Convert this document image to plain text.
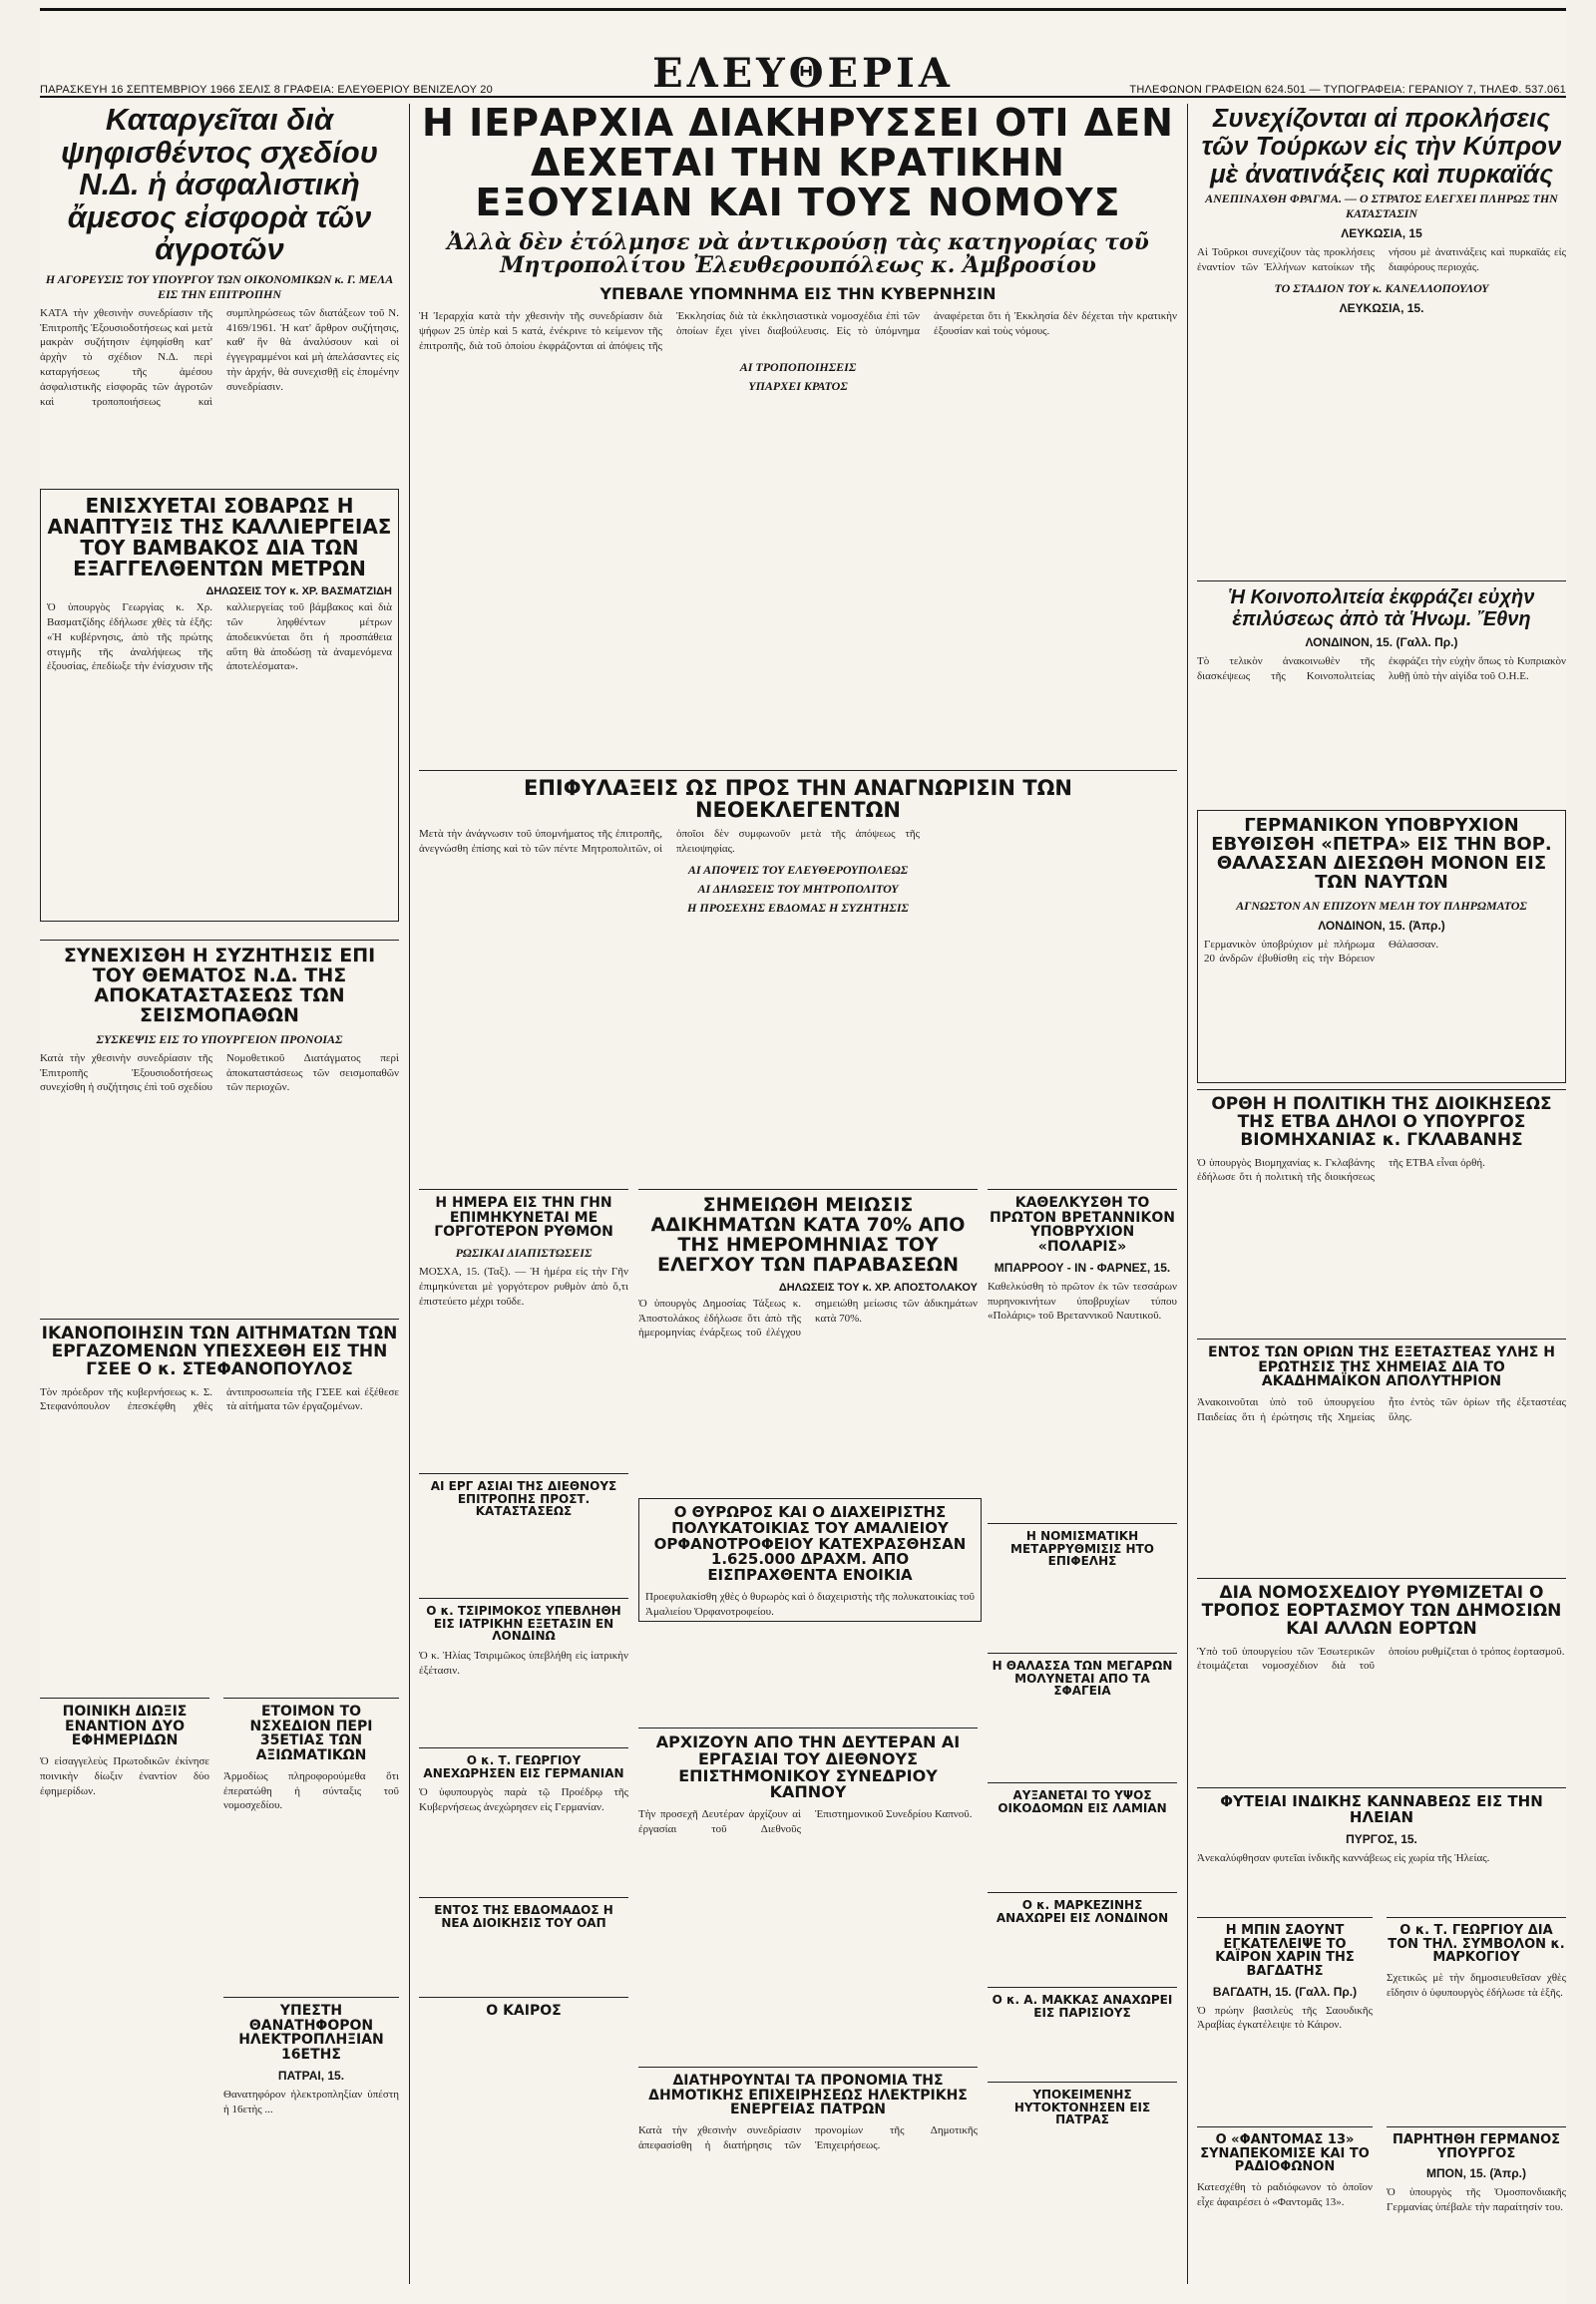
ΠΑΡΑΣΚΕΥΗ 16 ΣΕΠΤΕΜΒΡΙΟΥ 1966 ΣΕΛΙΣ 8 ΓΡΑΦΕΙΑ: ΕΛΕΥΘΕΡΙΟΥ ΒΕΝΙΖΕΛΟΥ 20	ΕΛΕΥΘΕΡΙΑ	ΤΗΛΕΦΩΝΟΝ ΓΡΑΦΕΙΩΝ 624.501 — ΤΥΠΟΓΡΑΦΕΙΑ: ΓΕΡΑΝΙΟΥ 7, ΤΗΛΕΦ. 537.061
Καταργεῖται διὰ ψηφισθέντος σχεδίου Ν.Δ. ἡ ἀσφαλιστικὴ ἄμεσος εἰσφορὰ τῶν ἀγροτῶν
Η ΑΓΟΡΕΥΣΙΣ ΤΟΥ ΥΠΟΥΡΓΟΥ ΤΩΝ ΟΙΚΟΝΟΜΙΚΩΝ κ. Γ. ΜΕΛΑ ΕΙΣ ΤΗΝ ΕΠΙΤΡΟΠΗΝ

ΚΑΤΑ τὴν χθεσινὴν συνεδρίασιν τῆς Ἐπιτροπῆς Ἐξουσιοδοτήσεως καὶ μετὰ μακρὰν συζήτησιν ἐψηφίσθη κατ' ἀρχὴν τὸ σχέδιον Ν.Δ. περὶ καταργήσεως τῆς ἀμέσου ἀσφαλιστικῆς εἰσφορᾶς τῶν ἀγροτῶν καὶ τροποποιήσεως καὶ συμπληρώσεως τῶν διατάξεων τοῦ Ν. 4169/1961. Ἡ κατ' ἄρθρον συζήτησις, καθ' ἣν θὰ ἀναλύσουν καὶ οἱ ἐγγεγραμμένοι καὶ μὴ ἀπελάσαντες εἰς τὴν ἀρχήν, θὰ συνεχισθῇ εἰς ἑπομένην συνεδρίασιν.

ΕΝΙΣΧΥΕΤΑΙ ΣΟΒΑΡΩΣ Η ΑΝΑΠΤΥΞΙΣ ΤΗΣ ΚΑΛΛΙΕΡΓΕΙΑΣ ΤΟΥ ΒΑΜΒΑΚΟΣ ΔΙΑ ΤΩΝ ΕΞΑΓΓΕΛΘΕΝΤΩΝ ΜΕΤΡΩΝ
ΔΗΛΩΣΕΙΣ ΤΟΥ κ. ΧΡ. ΒΑΣΜΑΤΖΙΔΗ

Ὁ ὑπουργὸς Γεωργίας κ. Χρ. Βασματζίδης ἐδήλωσε χθὲς τὰ ἑξῆς: «Ἡ κυβέρνησις, ἀπὸ τῆς πρώτης στιγμῆς τῆς ἀναλήψεως τῆς ἐξουσίας, ἐπεδίωξε τὴν ἐνίσχυσιν τῆς καλλιεργείας τοῦ βάμβακος καὶ διὰ τῶν ληφθέντων μέτρων ἀποδεικνύεται ὅτι ἡ προσπάθεια αὕτη θὰ ἀποδώσῃ τὰ ἀναμενόμενα ἀποτελέσματα».

ΣΥΝΕΧΙΣΘΗ Η ΣΥΖΗΤΗΣΙΣ ΕΠΙ ΤΟΥ ΘΕΜΑΤΟΣ Ν.Δ. ΤΗΣ ΑΠΟΚΑΤΑΣΤΑΣΕΩΣ ΤΩΝ ΣΕΙΣΜΟΠΑΘΩΝ
ΣΥΣΚΕΨΙΣ ΕΙΣ ΤΟ ΥΠΟΥΡΓΕΙΟΝ ΠΡΟΝΟΙΑΣ

Κατὰ τὴν χθεσινὴν συνεδρίασιν τῆς Ἐπιτροπῆς Ἐξουσιοδοτήσεως συνεχίσθη ἡ συζήτησις ἐπὶ τοῦ σχεδίου Νομοθετικοῦ Διατάγματος περὶ ἀποκαταστάσεως τῶν σεισμοπαθῶν τῶν περιοχῶν.

ΙΚΑΝΟΠΟΙΗΣΙΝ ΤΩΝ ΑΙΤΗΜΑΤΩΝ ΤΩΝ ΕΡΓΑΖΟΜΕΝΩΝ ΥΠΕΣΧΕΘΗ ΕΙΣ ΤΗΝ ΓΣΕΕ Ο κ. ΣΤΕΦΑΝΟΠΟΥΛΟΣ

Τὸν πρόεδρον τῆς κυβερνήσεως κ. Σ. Στεφανόπουλον ἐπεσκέφθη χθὲς ἀντιπροσωπεία τῆς ΓΣΕΕ καὶ ἐξέθεσε τὰ αἰτήματα τῶν ἐργαζομένων.

ΠΟΙΝΙΚΗ ΔΙΩΞΙΣ ΕΝΑΝΤΙΟΝ ΔΥΟ ΕΦΗΜΕΡΙΔΩΝ

Ὁ εἰσαγγελεὺς Πρωτοδικῶν ἐκίνησε ποινικὴν δίωξιν ἐναντίον δύο ἐφημερίδων.

ΕΤΟΙΜΟΝ ΤΟ ΝΣΧΕΔΙΟΝ ΠΕΡΙ 35ΕΤΙΑΣ ΤΩΝ ΑΞΙΩΜΑΤΙΚΩΝ

Ἁρμοδίως πληροφορούμεθα ὅτι ἐπερατώθη ἡ σύνταξις τοῦ νομοσχεδίου.

ΥΠΕΣΤΗ ΘΑΝΑΤΗΦΟΡΟΝ ΗΛΕΚΤΡΟΠΛΗΞΙΑΝ 16ΕΤΗΣ
ΠΑΤΡΑΙ, 15.

Θανατηφόρον ἠλεκτροπληξίαν ὑπέστη ἡ 16ετὴς ...

Η ΙΕΡΑΡΧΙΑ ΔΙΑΚΗΡΥΣΣΕΙ ΟΤΙ ΔΕΝ ΔΕΧΕΤΑΙ ΤΗΝ ΚΡΑΤΙΚΗΝ ΕΞΟΥΣΙΑΝ ΚΑΙ ΤΟΥΣ ΝΟΜΟΥΣ
Ἀλλὰ δὲν ἐτόλμησε νὰ ἀντικρούσῃ τὰς κατηγορίας τοῦ Μητροπολίτου Ἐλευθερουπόλεως κ. Ἀμβροσίου
ΥΠΕΒΑΛΕ ΥΠΟΜΝΗΜΑ ΕΙΣ ΤΗΝ ΚΥΒΕΡΝΗΣΙΝ

Ἡ Ἱεραρχία κατὰ τὴν χθεσινὴν τῆς συνεδρίασιν διὰ ψήφων 25 ὑπὲρ καὶ 5 κατά, ἐνέκρινε τὸ κείμενον τῆς ἐπιτροπῆς, διὰ τοῦ ὁποίου ἐκφράζονται αἱ ἀπόψεις τῆς Ἐκκλησίας διὰ τὰ ἐκκλησιαστικὰ νομοσχέδια ἐπὶ τῶν ὁποίων ἔχει γίνει διαβούλευσις. Εἰς τὸ ὑπόμνημα ἀναφέρεται ὅτι ἡ Ἐκκλησία δὲν δέχεται τὴν κρατικὴν ἐξουσίαν καὶ τοὺς νόμους.

ΑΙ ΤΡΟΠΟΠΟΙΗΣΕΙΣ
ΥΠΑΡΧΕΙ ΚΡΑΤΟΣ
ΕΠΙΦΥΛΑΞΕΙΣ ΩΣ ΠΡΟΣ ΤΗΝ ΑΝΑΓΝΩΡΙΣΙΝ ΤΩΝ ΝΕΟΕΚΛΕΓΕΝΤΩΝ

Μετὰ τὴν ἀνάγνωσιν τοῦ ὑπομνήματος τῆς ἐπιτροπῆς, ἀνεγνώσθη ἐπίσης καὶ τὸ τῶν πέντε Μητροπολιτῶν, οἱ ὁποῖοι δὲν συμφωνοῦν μετὰ τῆς ἀπόψεως τῆς πλειοψηφίας.

ΑΙ ΑΠΟΨΕΙΣ ΤΟΥ ΕΛΕΥΘΕΡΟΥΠΟΛΕΩΣ
ΑΙ ΔΗΛΩΣΕΙΣ ΤΟΥ ΜΗΤΡΟΠΟΛΙΤΟΥ
Η ΠΡΟΣΕΧΗΣ ΕΒΔΟΜΑΣ Η ΣΥΖΗΤΗΣΙΣ
Η ΗΜΕΡΑ ΕΙΣ ΤΗΝ ΓΗΝ ΕΠΙΜΗΚΥΝΕΤΑΙ ΜΕ ΓΟΡΓΟΤΕΡΟΝ ΡΥΘΜΟΝ
ΡΩΣΙΚΑΙ ΔΙΑΠΙΣΤΩΣΕΙΣ

ΜΟΣΧΑ, 15. (Ταξ). — Ἡ ἡμέρα εἰς τὴν Γῆν ἐπιμηκύνεται μὲ γοργότερον ρυθμὸν ἀπὸ ὅ,τι ἐπιστεύετο μέχρι τοῦδε.

ΣΗΜΕΙΩΘΗ ΜΕΙΩΣΙΣ ΑΔΙΚΗΜΑΤΩΝ ΚΑΤΑ 70% ΑΠΟ ΤΗΣ ΗΜΕΡΟΜΗΝΙΑΣ ΤΟΥ ΕΛΕΓΧΟΥ ΤΩΝ ΠΑΡΑΒΑΣΕΩΝ
ΔΗΛΩΣΕΙΣ ΤΟΥ κ. ΧΡ. ΑΠΟΣΤΟΛΑΚΟΥ

Ὁ ὑπουργὸς Δημοσίας Τάξεως κ. Ἀποστολάκος ἐδήλωσε ὅτι ἀπὸ τῆς ἡμερομηνίας ἐνάρξεως τοῦ ἐλέγχου σημειώθη μείωσις τῶν ἀδικημάτων κατὰ 70%.

ΚΑΘΕΛΚΥΣΘΗ ΤΟ ΠΡΩΤΟΝ ΒΡΕΤΑΝΝΙΚΟΝ ΥΠΟΒΡΥΧΙΟΝ «ΠΟΛΑΡΙΣ»
ΜΠΑΡΡΟΟΥ - ΙΝ - ΦΑΡΝΕΣ, 15.

Καθελκύσθη τὸ πρῶτον ἐκ τῶν τεσσάρων πυρηνοκινήτων ὑποβρυχίων τύπου «Πολάρις» τοῦ Βρεταννικοῦ Ναυτικοῦ.

ΑΙ ΕΡΓ ΑΣΙΑΙ ΤΗΣ ΔΙΕΘΝΟΥΣ ΕΠΙΤΡΟΠΗΣ ΠΡΟΣΤ. ΚΑΤΑΣΤΑΣΕΩΣ
Ο κ. ΤΣΙΡΙΜΟΚΟΣ ΥΠΕΒΛΗΘΗ ΕΙΣ ΙΑΤΡΙΚΗΝ ΕΞΕΤΑΣΙΝ ΕΝ ΛΟΝΔΙΝΩ

Ὁ κ. Ἠλίας Τσιριμῶκος ὑπεβλήθη εἰς ἰατρικὴν ἐξέτασιν.

Ο κ. Τ. ΓΕΩΡΓΙΟΥ ΑΝΕΧΩΡΗΣΕΝ ΕΙΣ ΓΕΡΜΑΝΙΑΝ

Ὁ ὑφυπουργὸς παρὰ τῷ Προέδρῳ τῆς Κυβερνήσεως ἀνεχώρησεν εἰς Γερμανίαν.

ΕΝΤΟΣ ΤΗΣ ΕΒΔΟΜΑΔΟΣ Η ΝΕΑ ΔΙΟΙΚΗΣΙΣ ΤΟΥ ΟΑΠ
Ο ΚΑΙΡΟΣ
Η ΝΟΜΙΣΜΑΤΙΚΗ ΜΕΤΑΡΡΥΘΜΙΣΙΣ ΗΤΟ ΕΠΙΦΕΛΗΣ
Η ΘΑΛΑΣΣΑ ΤΩΝ ΜΕΓΑΡΩΝ ΜΟΛΥΝΕΤΑΙ ΑΠΟ ΤΑ ΣΦΑΓΕΙΑ
ΑΥΞΑΝΕΤΑΙ ΤΟ ΥΨΟΣ ΟΙΚΟΔΟΜΩΝ ΕΙΣ ΛΑΜΙΑΝ
Ο κ. ΜΑΡΚΕΖΙΝΗΣ ΑΝΑΧΩΡΕΙ ΕΙΣ ΛΟΝΔΙΝΟΝ
Ο κ. Α. ΜΑΚΚΑΣ ΑΝΑΧΩΡΕΙ ΕΙΣ ΠΑΡΙΣΙΟΥΣ
ΥΠΟΚΕΙΜΕΝΗΣ ΗΥΤΟΚΤΟΝΗΣΕΝ ΕΙΣ ΠΑΤΡΑΣ
Ο ΘΥΡΩΡΟΣ ΚΑΙ Ο ΔΙΑΧΕΙΡΙΣΤΗΣ ΠΟΛΥΚΑΤΟΙΚΙΑΣ ΤΟΥ ΑΜΑΛΙΕΙΟΥ ΟΡΦΑΝΟΤΡΟΦΕΙΟΥ ΚΑΤΕΧΡΑΣΘΗΣΑΝ 1.625.000 ΔΡΑΧΜ. ΑΠΟ ΕΙΣΠΡΑΧΘΕΝΤΑ ΕΝΟΙΚΙΑ

Προεφυλακίσθη χθὲς ὁ θυρωρὸς καὶ ὁ διαχειριστὴς τῆς πολυκατοικίας τοῦ Ἀμαλιείου Ὀρφανοτροφείου.

ΑΡΧΙΖΟΥΝ ΑΠΟ ΤΗΝ ΔΕΥΤΕΡΑΝ ΑΙ ΕΡΓΑΣΙΑΙ ΤΟΥ ΔΙΕΘΝΟΥΣ ΕΠΙΣΤΗΜΟΝΙΚΟΥ ΣΥΝΕΔΡΙΟΥ ΚΑΠΝΟΥ

Τὴν προσεχῆ Δευτέραν ἀρχίζουν αἱ ἐργασίαι τοῦ Διεθνοῦς Ἐπιστημονικοῦ Συνεδρίου Καπνοῦ.

ΔΙΑΤΗΡΟΥΝΤΑΙ ΤΑ ΠΡΟΝΟΜΙΑ ΤΗΣ ΔΗΜΟΤΙΚΗΣ ΕΠΙΧΕΙΡΗΣΕΩΣ ΗΛΕΚΤΡΙΚΗΣ ΕΝΕΡΓΕΙΑΣ ΠΑΤΡΩΝ

Κατὰ τὴν χθεσινὴν συνεδρίασιν ἀπεφασίσθη ἡ διατήρησις τῶν προνομίων τῆς Δημοτικῆς Ἐπιχειρήσεως.

Συνεχίζονται αἱ προκλήσεις τῶν Τούρκων εἰς τὴν Κύπρον μὲ ἀνατινάξεις καὶ πυρκαϊάς
ΑΝΕΠΙΝΑΧΘΗ ΦΡΑΓΜΑ. — Ο ΣΤΡΑΤΟΣ ΕΛΕΓΧΕΙ ΠΛΗΡΩΣ ΤΗΝ ΚΑΤΑΣΤΑΣΙΝ
ΛΕΥΚΩΣΙΑ, 15

Αἱ Τοῦρκοι συνεχίζουν τὰς προκλήσεις ἐναντίον τῶν Ἑλλήνων κατοίκων τῆς νήσου μὲ ἀνατινάξεις καὶ πυρκαϊάς εἰς διαφόρους περιοχάς.

ΤΟ ΣΤΑΔΙΟΝ ΤΟΥ κ. ΚΑΝΕΛΛΟΠΟΥΛΟΥ
ΛΕΥΚΩΣΙΑ, 15.
Ἡ Κοινοπολιτεία ἐκφράζει εὐχὴν ἐπιλύσεως ἀπὸ τὰ Ἡνωμ. Ἔθνη
ΛΟΝΔΙΝΟΝ, 15. (Γαλλ. Πρ.)

Τὸ τελικὸν ἀνακοινωθὲν τῆς διασκέψεως τῆς Κοινοπολιτείας ἐκφράζει τὴν εὐχὴν ὅπως τὸ Κυπριακὸν λυθῇ ὑπὸ τὴν αἰγίδα τοῦ Ο.Η.Ε.

ΓΕΡΜΑΝΙΚΟΝ ΥΠΟΒΡΥΧΙΟΝ ΕΒΥΘΙΣΘΗ «ΠΕΤΡΑ» ΕΙΣ ΤΗΝ ΒΟΡ. ΘΑΛΑΣΣΑΝ ΔΙΕΣΩΘΗ ΜΟΝΟΝ ΕΙΣ ΤΩΝ ΝΑΥΤΩΝ
ΑΓΝΩΣΤΟΝ ΑΝ ΕΠΙΖΟΥΝ ΜΕΛΗ ΤΟΥ ΠΛΗΡΩΜΑΤΟΣ
ΛΟΝΔΙΝΟΝ, 15. (Ἀπρ.)

Γερμανικὸν ὑποβρύχιον μὲ πλήρωμα 20 ἀνδρῶν ἐβυθίσθη εἰς τὴν Βόρειον Θάλασσαν.

ΟΡΘΗ Η ΠΟΛΙΤΙΚΗ ΤΗΣ ΔΙΟΙΚΗΣΕΩΣ ΤΗΣ ΕΤΒΑ ΔΗΛΟΙ Ο ΥΠΟΥΡΓΟΣ ΒΙΟΜΗΧΑΝΙΑΣ κ. ΓΚΛΑΒΑΝΗΣ

Ὁ ὑπουργὸς Βιομηχανίας κ. Γκλαβάνης ἐδήλωσε ὅτι ἡ πολιτικὴ τῆς διοικήσεως τῆς ΕΤΒΑ εἶναι ὀρθή.

ΕΝΤΟΣ ΤΩΝ ΟΡΙΩΝ ΤΗΣ ΕΞΕΤΑΣΤΕΑΣ ΥΛΗΣ Η ΕΡΩΤΗΣΙΣ ΤΗΣ ΧΗΜΕΙΑΣ ΔΙΑ ΤΟ ΑΚΑΔΗΜΑΪΚΟΝ ΑΠΟΛΥΤΗΡΙΟΝ

Ἀνακοινοῦται ὑπὸ τοῦ ὑπουργείου Παιδείας ὅτι ἡ ἐρώτησις τῆς Χημείας ἦτο ἐντὸς τῶν ὁρίων τῆς ἐξεταστέας ὕλης.

ΔΙΑ ΝΟΜΟΣΧΕΔΙΟΥ ΡΥΘΜΙΖΕΤΑΙ Ο ΤΡΟΠΟΣ ΕΟΡΤΑΣΜΟΥ ΤΩΝ ΔΗΜΟΣΙΩΝ ΚΑΙ ΑΛΛΩΝ ΕΟΡΤΩΝ

Ὑπὸ τοῦ ὑπουργείου τῶν Ἐσωτερικῶν ἐτοιμάζεται νομοσχέδιον διὰ τοῦ ὁποίου ρυθμίζεται ὁ τρόπος ἑορτασμοῦ.

ΦΥΤΕΙΑΙ ΙΝΔΙΚΗΣ ΚΑΝΝΑΒΕΩΣ ΕΙΣ ΤΗΝ ΗΛΕΙΑΝ
ΠΥΡΓΟΣ, 15.

Ἀνεκαλύφθησαν φυτεῖαι ἰνδικῆς καννάβεως εἰς χωρία τῆς Ἠλείας.

Η ΜΠΙΝ ΣΑΟΥΝΤ ΕΓΚΑΤΕΛΕΙΨΕ ΤΟ ΚΑΪΡΟΝ ΧΑΡΙΝ ΤΗΣ ΒΑΓΔΑΤΗΣ
ΒΑΓΔΑΤΗ, 15. (Γαλλ. Πρ.)

Ὁ πρώην βασιλεὺς τῆς Σαουδικῆς Ἀραβίας ἐγκατέλειψε τὸ Κάιρον.

Ο κ. Τ. ΓΕΩΡΓΙΟΥ ΔΙΑ ΤΟΝ ΤΗΛ. ΣΥΜΒΟΛΟΝ κ. ΜΑΡΚΟΓΙΟΥ

Σχετικῶς μὲ τὴν δημοσιευθεῖσαν χθὲς εἴδησιν ὁ ὑφυπουργὸς ἐδήλωσε τὰ ἑξῆς.

Ο «ΦΑΝΤΟΜΑΣ 13» ΣΥΝΑΠΕΚΟΜΙΣΕ ΚΑΙ ΤΟ ΡΑΔΙΟΦΩΝΟΝ

Κατεσχέθη τὸ ραδιόφωνον τὸ ὁποῖον εἶχε ἀφαιρέσει ὁ «Φαντομᾶς 13».

ΠΑΡΗΤΗΘΗ ΓΕΡΜΑΝΟΣ ΥΠΟΥΡΓΟΣ
ΜΠΟΝ, 15. (Ἀπρ.)

Ὁ ὑπουργὸς τῆς Ὁμοσπονδιακῆς Γερμανίας ὑπέβαλε τὴν παραίτησίν του.
